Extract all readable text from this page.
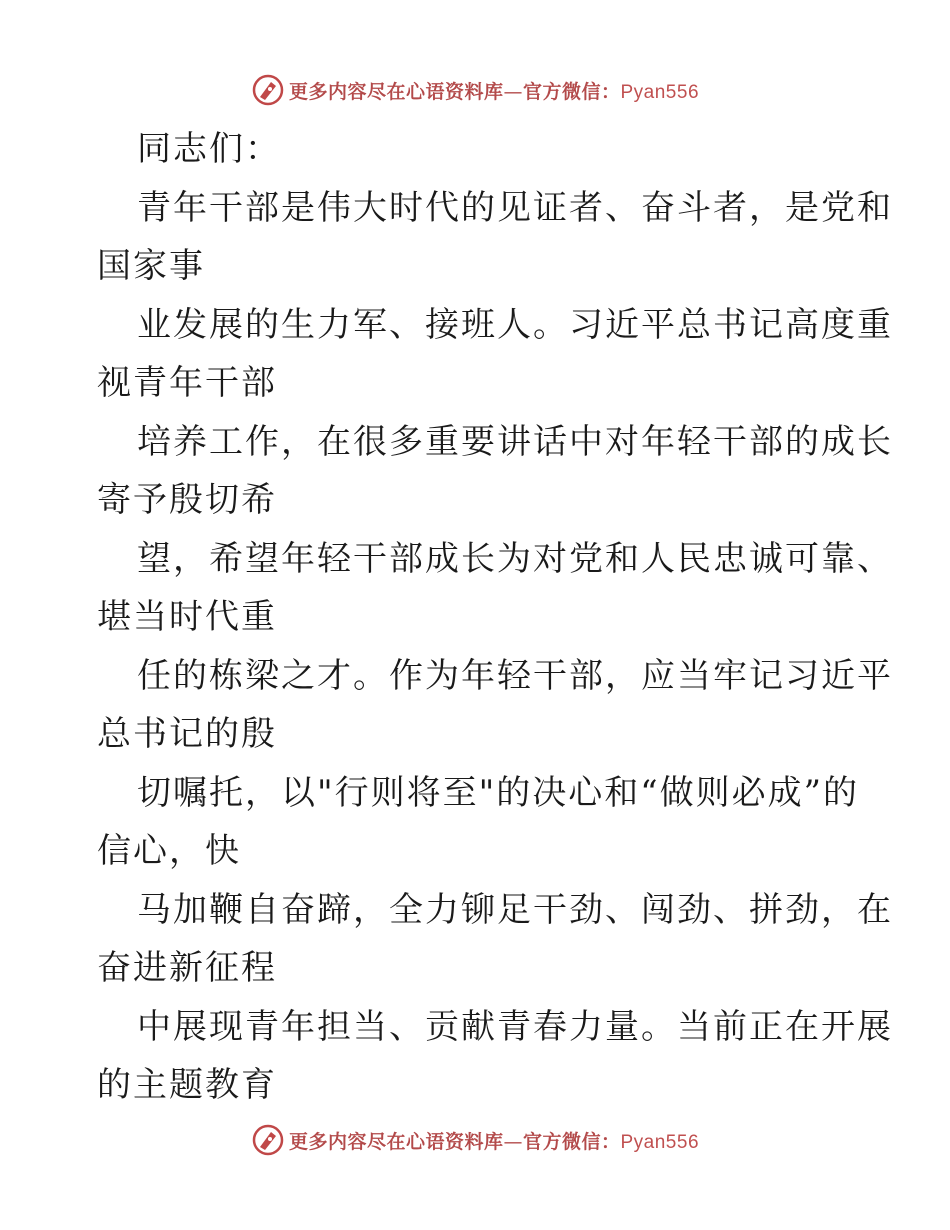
更多内容尽在心语资料库—官方微信：Pyan556
同志们：
青年干部是伟大时代的见证者、奋斗者，是党和
国家事
业发展的生力军、接班人。习近平总书记高度重
视青年干部
培养工作，在很多重要讲话中对年轻干部的成长
寄予殷切希
望，希望年轻干部成长为对党和人民忠诚可靠、
堪当时代重
任的栋梁之才。作为年轻干部，应当牢记习近平
总书记的殷
切嘱托，以"行则将至"的决心和“做则必成”的
信心，快
马加鞭自奋蹄，全力铆足干劲、闯劲、拼劲，在
奋进新征程
中展现青年担当、贡献青春力量。当前正在开展
的主题教育
更多内容尽在心语资料库—官方微信：Pyan556
